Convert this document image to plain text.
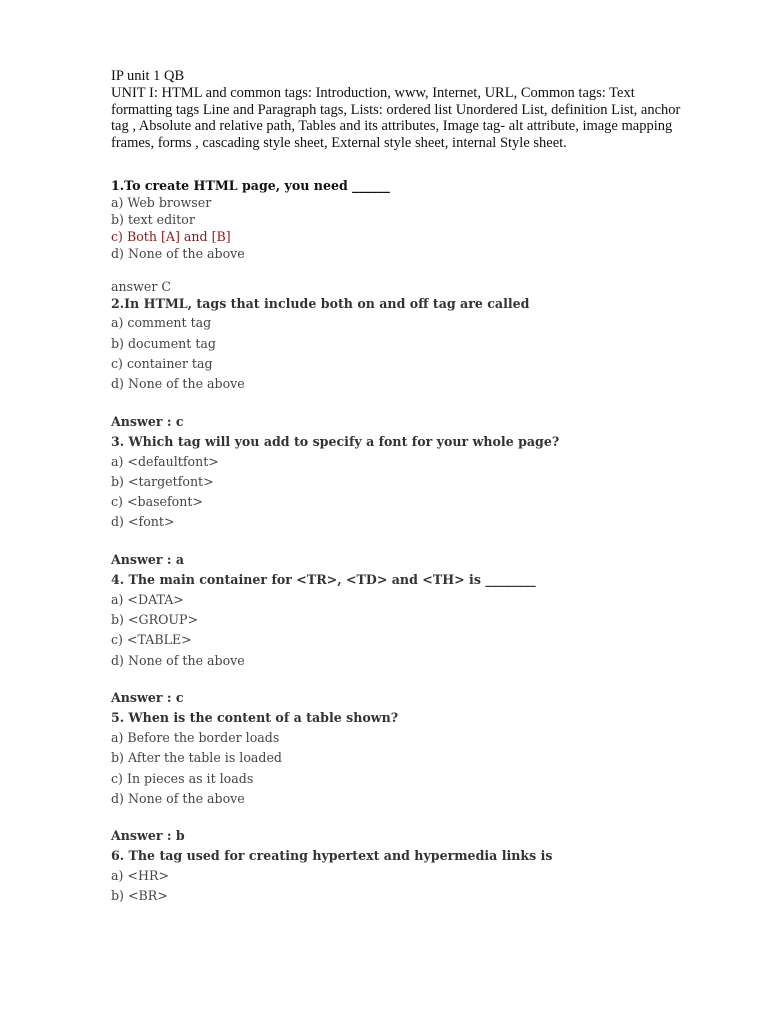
IP unit 1 QB

UNIT I: HTML and common tags: Introduction, www, Internet, URL, Common tags: Text formatting tags Line and Paragraph tags, Lists: ordered list Unordered List, definition List, anchor tag , Absolute and relative path, Tables and its attributes, Image tag- alt attribute, image mapping frames, forms , cascading style sheet, External style sheet, internal Style sheet.

1.To create HTML page, you need ______

a) Web browser

b) text editor

c) Both [A] and [B]

d) None of the above

answer C

2.In HTML, tags that include both on and off tag are called

a) comment tag

b) document tag

c) container tag

d) None of the above

Answer : c

3. Which tag will you add to specify a font for your whole page?

a) <defaultfont>

b) <targetfont>

c) <basefont>

d) <font>

Answer : a

4. The main container for <TR>, <TD> and <TH> is ________

a) <DATA>

b) <GROUP>

c) <TABLE>

d) None of the above

Answer : c

5. When is the content of a table shown?

a) Before the border loads

b) After the table is loaded

c) In pieces as it loads

d) None of the above

Answer : b

6. The tag used for creating hypertext and hypermedia links is

a) <HR>

b) <BR>
